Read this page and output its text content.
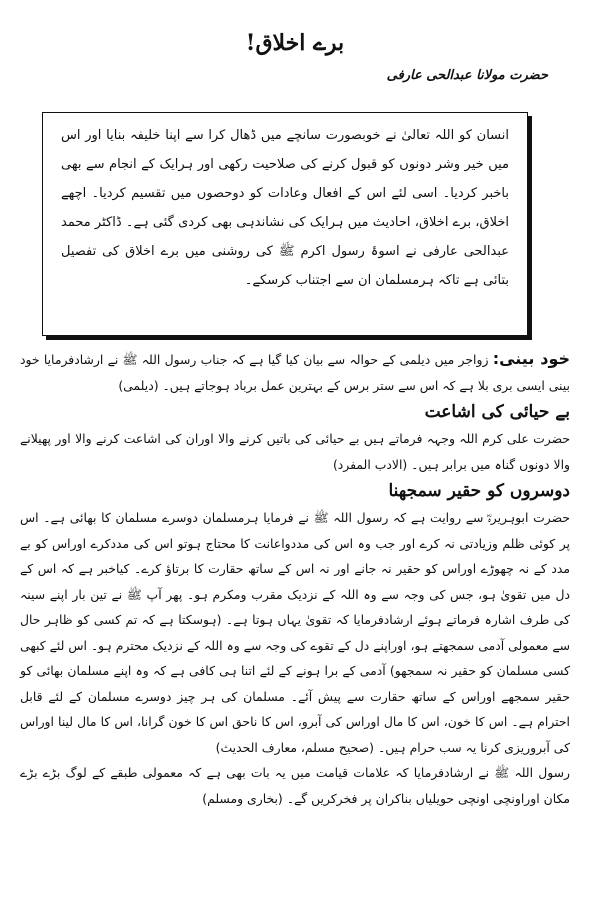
برے اخلاق!
حضرت مولانا عبدالحی عارفی

انسان کو اللہ تعالیٰ نے خوبصورت سانچے میں ڈھال کرا سے اپنا خلیفہ بنایا اور اس میں خیر وشر دونوں کو قبول کرنے کی صلاحیت رکھی اور ہرایک کے انجام سے بھی باخبر کردیا۔ اسی لئے اس کے افعال وعادات کو دوحصوں میں تقسیم کردیا۔ اچھے اخلاق، برے اخلاق، احادیث میں ہرایک کی نشاندہی بھی کردی گئی ہے۔ ڈاکٹر محمد عبدالحی عارفی نے اسوۂ رسول اکرم ﷺ کی روشنی میں برے اخلاق کی تفصیل بتائی ہے تاکہ ہرمسلمان ان سے اجتناب کرسکے۔

خود بینی: زواجر میں دیلمی کے حوالہ سے بیان کیا گیا ہے کہ جناب رسول اللہ ﷺ نے ارشادفرمایا خود بینی ایسی بری بلا ہے کہ اس سے ستر برس کے بہترین عمل برباد ہوجاتے ہیں۔ (دیلمی)

بے حیائی کی اشاعت

حضرت علی کرم اللہ وجہہ فرماتے ہیں بے حیائی کی باتیں کرنے والا اوران کی اشاعت کرنے والا اور پھیلانے والا دونوں گناہ میں برابر ہیں۔ (الادب المفرد)

دوسروں کو حقیر سمجھنا

حضرت ابوہریرہؓ سے روایت ہے کہ رسول اللہ ﷺ نے فرمایا ہرمسلمان دوسرے مسلمان کا بھائی ہے۔ اس پر کوئی ظلم وزیادتی نہ کرے اور جب وہ اس کی مددواعانت کا محتاج ہوتو اس کی مددکرے اوراس کو بے مدد کے نہ چھوڑے اوراس کو حقیر نہ جانے اور نہ اس کے ساتھ حقارت کا برتاؤ کرے۔ کیاخبر ہے کہ اس کے دل میں تقویٰ ہو، جس کی وجہ سے وہ اللہ کے نزدیک مقرب ومکرم ہو۔ پھر آپ ﷺ نے تین بار اپنے سینہ کی طرف اشارہ فرماتے ہوئے ارشادفرمایا کہ تقویٰ یہاں ہوتا ہے۔ (ہوسکتا ہے کہ تم کسی کو ظاہر حال سے معمولی آدمی سمجھتے ہو، اوراپنے دل کے تقوے کی وجہ سے وہ اللہ کے نزدیک محترم ہو۔ اس لئے کبھی کسی مسلمان کو حقیر نہ سمجھو) آدمی کے برا ہونے کے لئے اتنا ہی کافی ہے کہ وہ اپنے مسلمان بھائی کو حقیر سمجھے اوراس کے ساتھ حقارت سے پیش آئے۔ مسلمان کی ہر چیز دوسرے مسلمان کے لئے قابل احترام ہے۔ اس کا خون، اس کا مال اوراس کی آبرو، اس کا ناحق اس کا خون گرانا، اس کا مال لینا اوراس کی آبروریزی کرنا یہ سب حرام ہیں۔ (صحیح مسلم، معارف الحدیث)

رسول اللہ ﷺ نے ارشادفرمایا کہ علامات قیامت میں یہ بات بھی ہے کہ معمولی طبقے کے لوگ بڑے بڑے مکان اوراونچی اونچی حویلیاں بناکران پر فخرکریں گے۔ (بخاری ومسلم)
